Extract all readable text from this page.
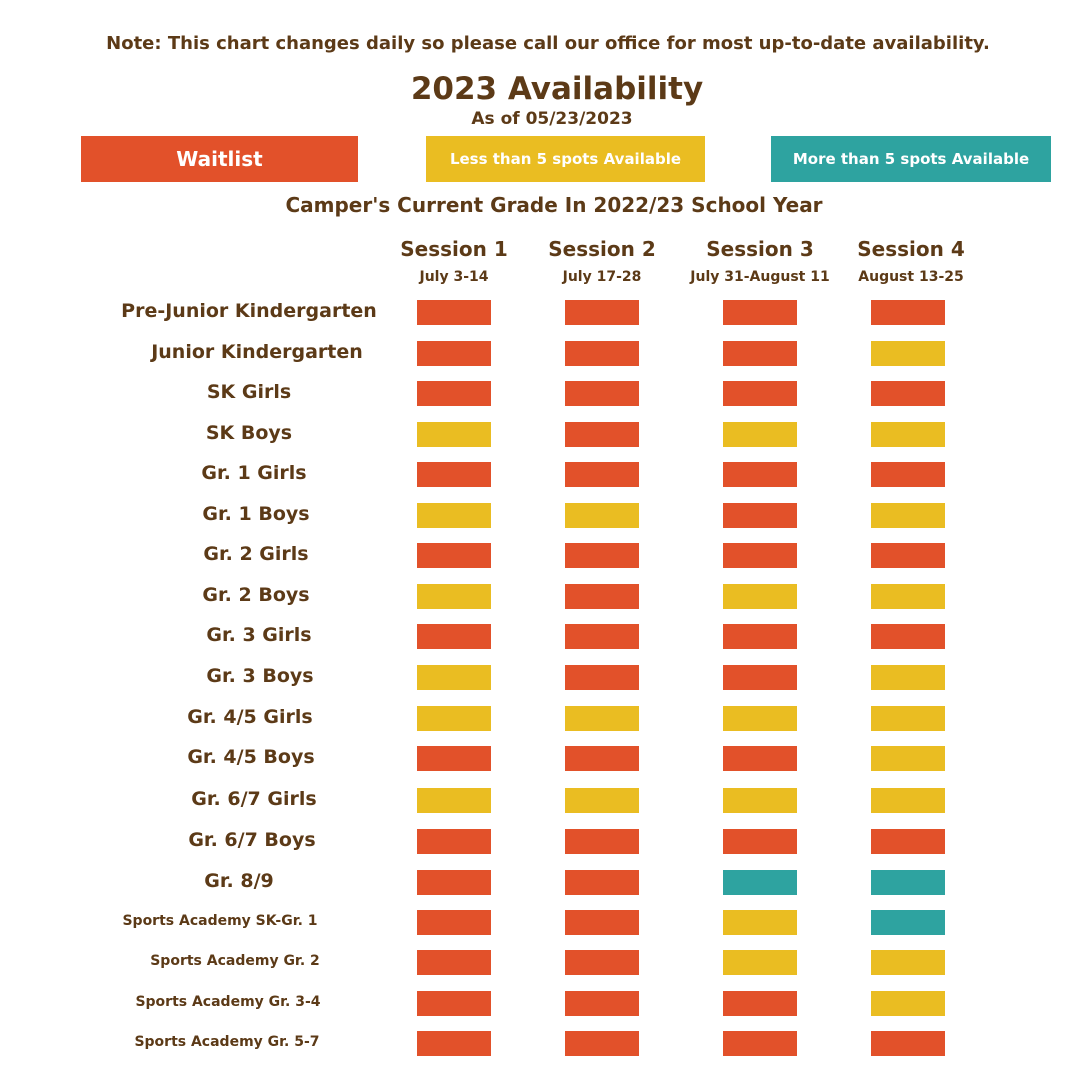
Note: This chart changes daily so please call our office for most up-to-date availability.
2023 Availability
As of 05/23/2023
Waitlist	Less than 5 spots Available	More than 5 spots Available
Camper's Current Grade In 2022/23 School Year
Session 1
July 3-14
Session 2
July 17-28
Session 3
July 31-August 11
Session 4
August 13-25
Pre-Junior Kindergarten
Junior Kindergarten
SK Girls
SK Boys
Gr. 1 Girls
Gr. 1 Boys
Gr. 2 Girls
Gr. 2 Boys
Gr. 3 Girls
Gr. 3 Boys
Gr. 4/5 Girls
Gr. 4/5 Boys
Gr. 6/7 Girls
Gr. 6/7 Boys
Gr. 8/9
Sports Academy SK-Gr. 1
Sports Academy Gr. 2
Sports Academy Gr. 3-4
Sports Academy Gr. 5-7
